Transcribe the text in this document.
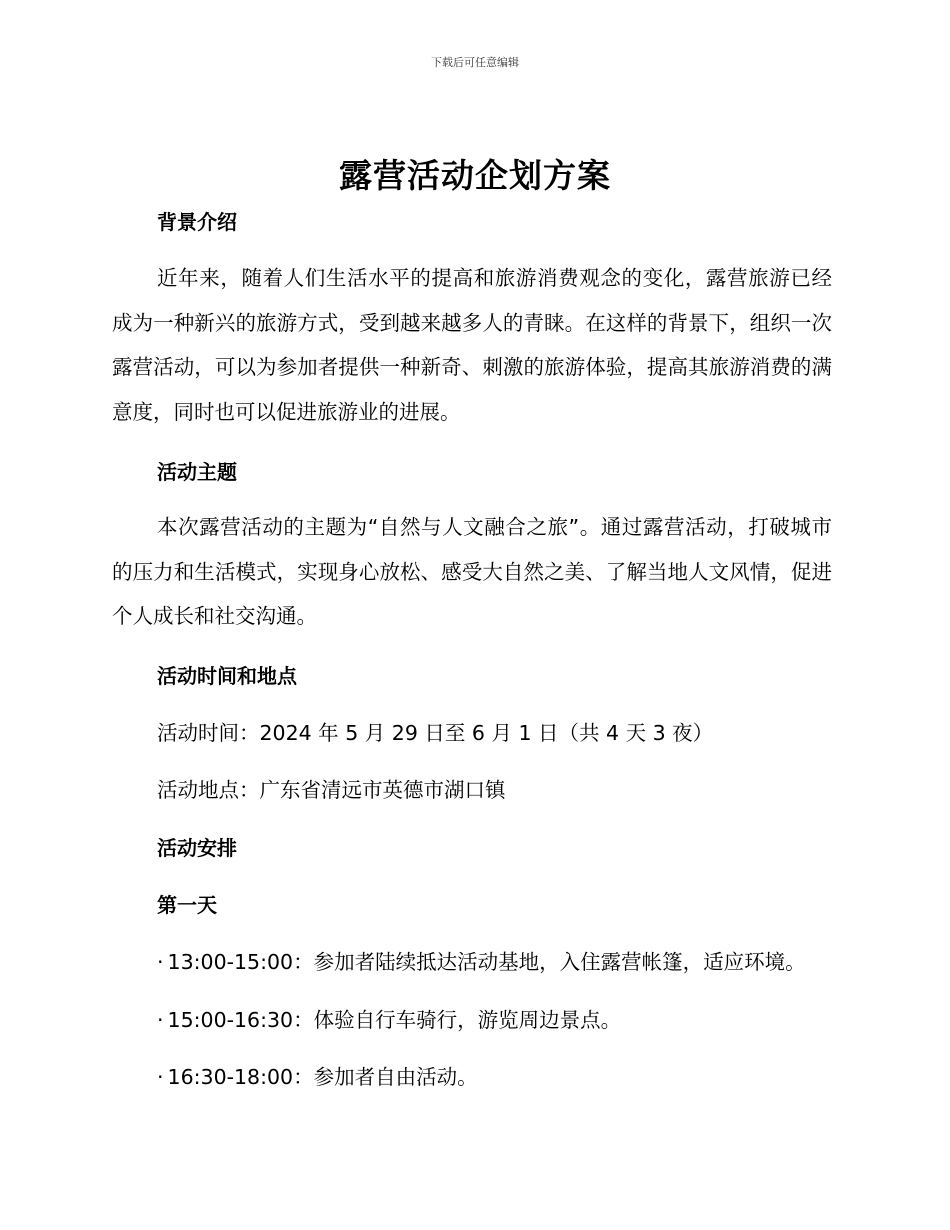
下载后可任意编辑
露营活动企划方案
背景介绍
近年来，随着人们生活水平的提高和旅游消费观念的变化，露营旅游已经成为一种新兴的旅游方式，受到越来越多人的青睐。在这样的背景下，组织一次露营活动，可以为参加者提供一种新奇、刺激的旅游体验，提高其旅游消费的满意度，同时也可以促进旅游业的进展。
活动主题
本次露营活动的主题为“自然与人文融合之旅”。通过露营活动，打破城市的压力和生活模式，实现身心放松、感受大自然之美、了解当地人文风情，促进个人成长和社交沟通。
活动时间和地点
活动时间：2024 年 5 月 29 日至 6 月 1 日（共 4 天 3 夜）
活动地点：广东省清远市英德市湖口镇
活动安排
第一天
· 13:00-15:00：参加者陆续抵达活动基地，入住露营帐篷，适应环境。
· 15:00-16:30：体验自行车骑行，游览周边景点。
· 16:30-18:00：参加者自由活动。
